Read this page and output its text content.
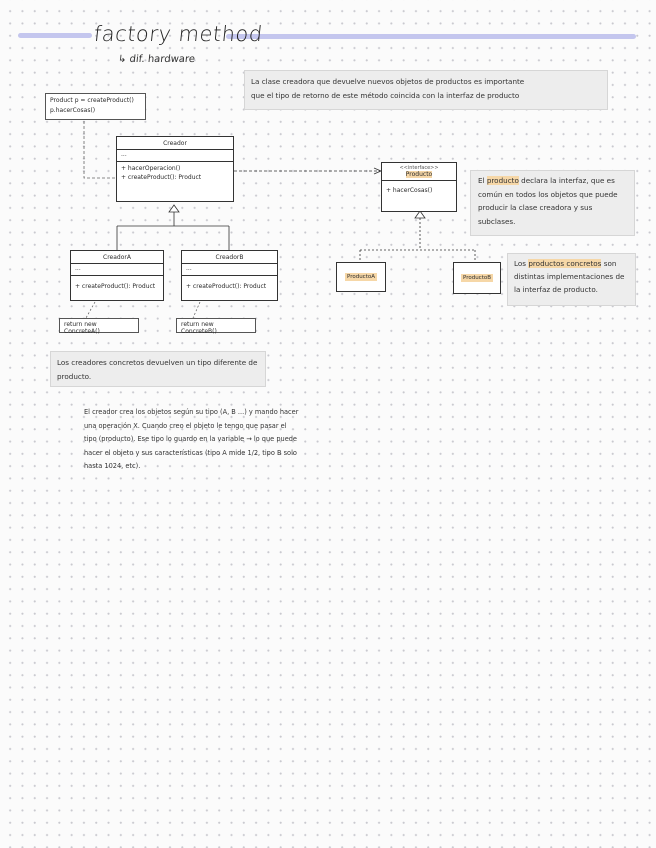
factory method
↳ dif. hardware
La clase creadora que devuelve nuevos objetos de productos es importante
que el tipo de retorno de este método coincida con la interfaz de producto
Product p = createProduct()
p.hacerCosas()
Creador
...
+ hacerOperacion()
+ createProduct(): Product
CreadorA
...
+ createProduct(): Product
CreadorB
...
+ createProduct(): Product
return new ConcreteA()
return new ConcreteB()
Los creadores concretos devuelven un tipo diferente de producto.
<<interface>>
Producto
+ hacerCosas()
El producto declara la interfaz, que es común en todos los objetos que puede producir la clase creadora y sus subclases.
ProductoA	ProductoB
Los productos concretos son distintas implementaciones de la interfaz de producto.
El creador crea los objetos según su tipo (A, B ...) y mando hacer una operación X. Cuando creo el objeto le tengo que pasar el tipo (producto). Ese tipo lo guardo en la variable → lo que puede hacer el objeto y sus características (tipo A mide 1/2, tipo B solo hasta 1024, etc).
